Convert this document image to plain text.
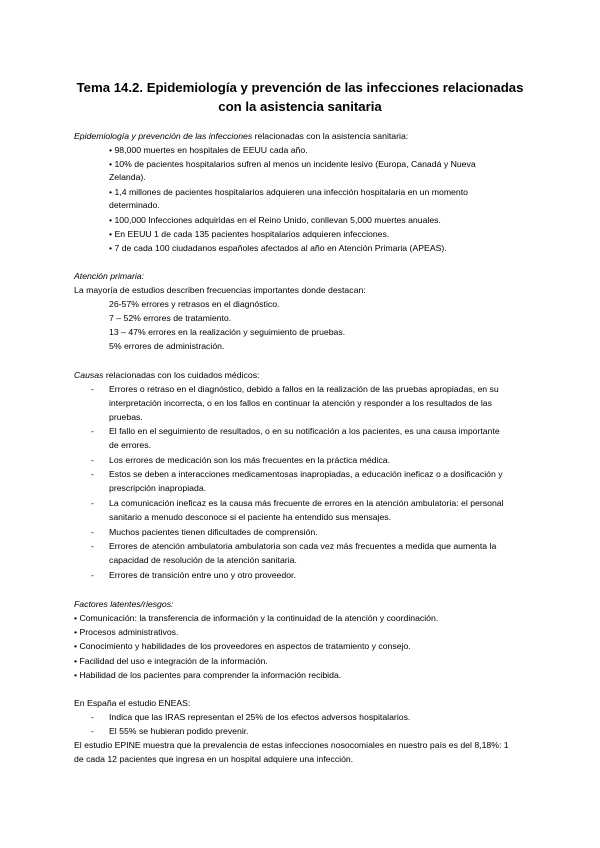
Tema 14.2. Epidemiología y prevención de las infecciones relacionadas
con la asistencia sanitaria
Epidemiología y prevención de las infecciones relacionadas con la asistencia sanitaria:
• 98,000 muertes en hospitales de EEUU cada año.
• 10% de pacientes hospitalarios sufren al menos un incidente lesivo (Europa, Canadá y Nueva
Zelanda).
• 1,4 millones de pacientes hospitalarios adquieren una infección hospitalaria en un momento
determinado.
• 100,000 Infecciones adquiridas en el Reino Unido, conllevan 5,000 muertes anuales.
• En EEUU 1 de cada 135 pacientes hospitalarios adquieren infecciones.
• 7 de cada 100 ciudadanos españoles afectados al año en Atención Primaria (APEAS).
Atención primaria:
La mayoría de estudios describen frecuencias importantes donde destacan:
26-57% errores y retrasos en el diagnóstico.
7 – 52% errores de tratamiento.
13 – 47% errores en la realización y seguimiento de pruebas.
5% errores de administración.
Causas relacionadas con los cuidados médicos:
- Errores o retraso en el diagnóstico, debido a fallos en la realización de las pruebas apropiadas, en su
interpretación incorrecta, o en los fallos en continuar la atención y responder a los resultados de las
pruebas.
- El fallo en el seguimiento de resultados, o en su notificación a los pacientes, es una causa importante
de errores.
- Los errores de medicación son los más frecuentes en la práctica médica.
- Estos se deben a interacciones medicamentosas inapropiadas, a educación ineficaz o a dosificación y
prescripción inapropiada.
- La comunicación ineficaz es la causa más frecuente de errores en la atención ambulatoria: el personal
sanitario a menudo desconoce si el paciente ha entendido sus mensajes.
- Muchos pacientes tienen dificultades de comprensión.
- Errores de atención ambulatoria ambulatoria son cada vez más frecuentes a medida que aumenta la
capacidad de resolución de la atención sanitaria.
- Errores de transición entre uno y otro proveedor.
Factores latentes/riesgos:
• Comunicación: la transferencia de información y la continuidad de la atención y coordinación.
• Procesos administrativos.
• Conocimiento y habilidades de los proveedores en aspectos de tratamiento y consejo.
• Facilidad del uso e integración de la información.
• Habilidad de los pacientes para comprender la información recibida.
En España el estudio ENEAS:
- Indica que las IRAS representan el 25% de los efectos adversos hospitalarios.
- El 55% se hubieran podido prevenir.
El estudio EPINE muestra que la prevalencia de estas infecciones nosocomiales en nuestro país es del 8,18%: 1
de cada 12 pacientes que ingresa en un hospital adquiere una infección.
